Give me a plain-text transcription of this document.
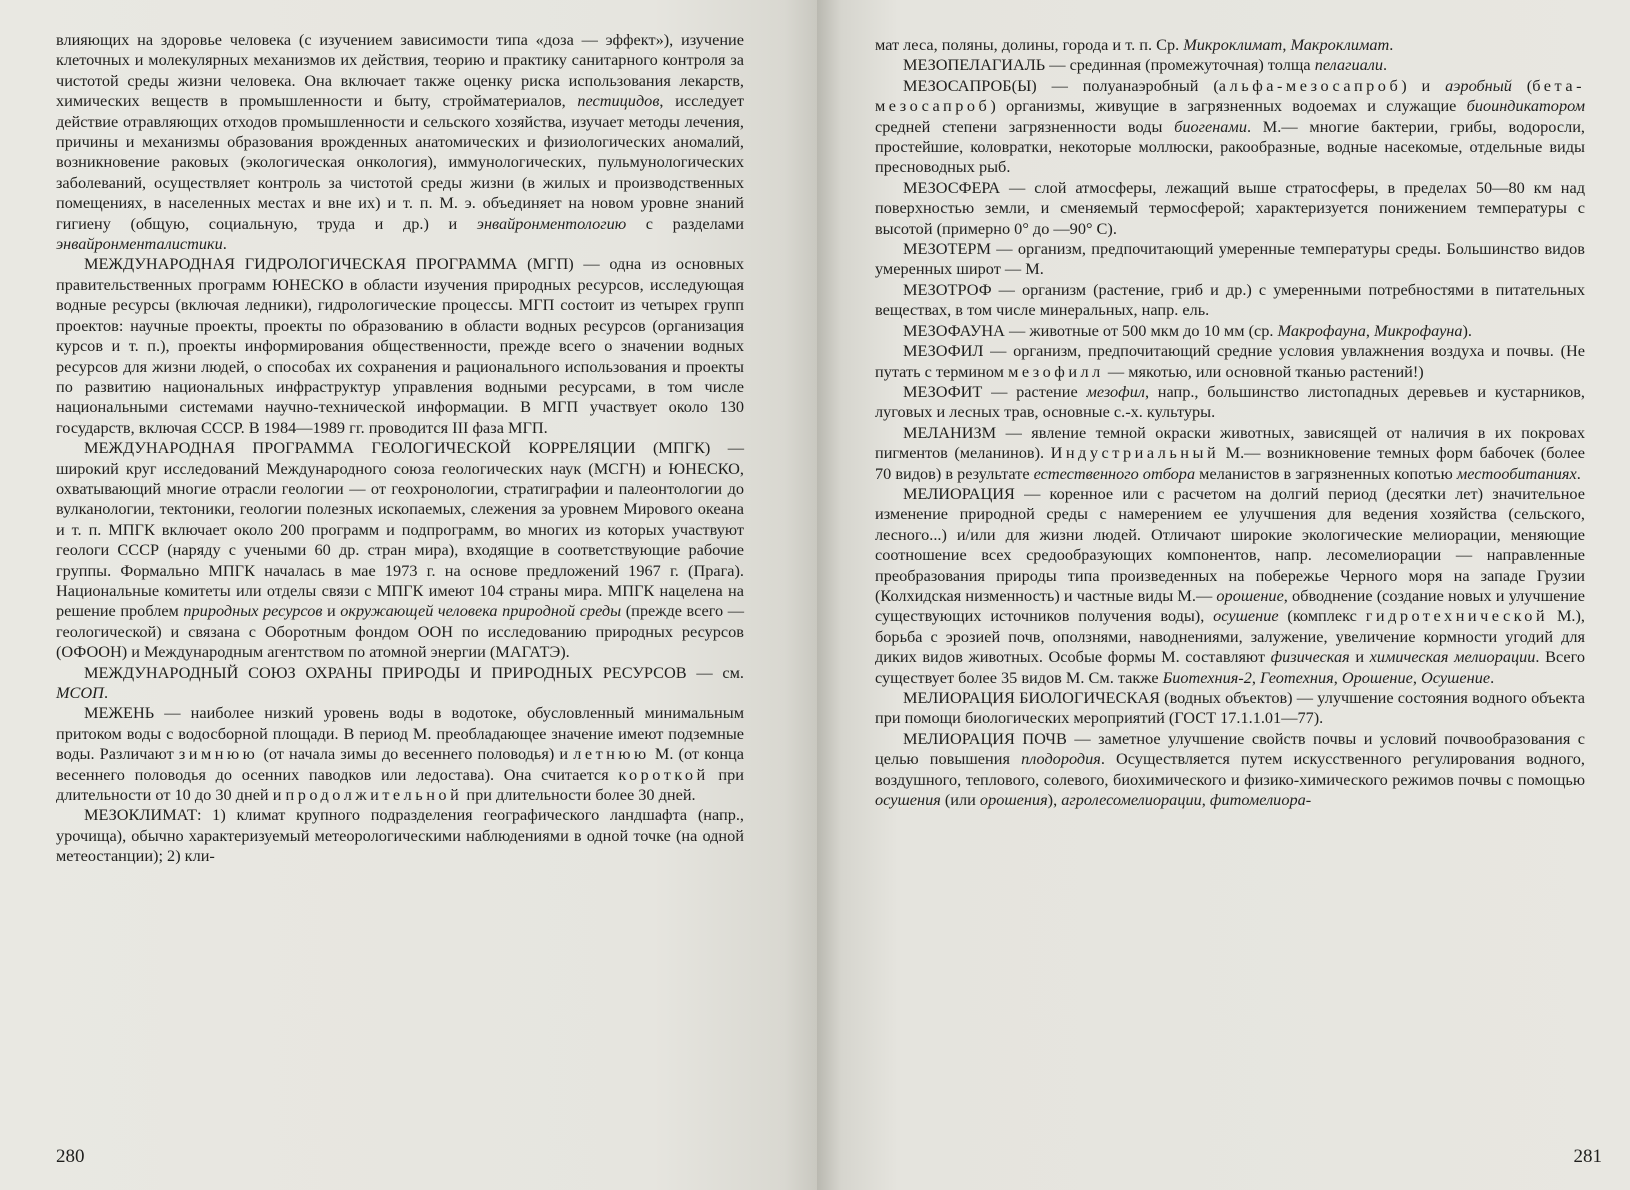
влияющих на здоровье человека (с изучением зависимости типа «доза — эффект»), изучение клеточных и молекулярных механизмов их действия, теорию и практику санитарного контроля за чистотой среды жизни человека. Она включает также оценку риска использования лекарств, химических веществ в промышленности и быту, стройматериалов, пестицидов, исследует действие отравляющих отходов промышленности и сельского хозяйства, изучает методы лечения, причины и механизмы образования врожденных анатомических и физиологических аномалий, возникновение раковых (экологическая онкология), иммунологических, пульмунологических заболеваний, осуществляет контроль за чистотой среды жизни (в жилых и производственных помещениях, в населенных местах и вне их) и т. п. М. э. объединяет на новом уровне знаний гигиену (общую, социальную, труда и др.) и энвайронментологию с разделами энвайронменталистики.

МЕЖДУНАРОДНАЯ ГИДРОЛОГИЧЕСКАЯ ПРОГРАММА (МГП) — одна из основных правительственных программ ЮНЕСКО в области изучения природных ресурсов, исследующая водные ресурсы (включая ледники), гидрологические процессы. МГП состоит из четырех групп проектов: научные проекты, проекты по образованию в области водных ресурсов (организация курсов и т. п.), проекты информирования общественности, прежде всего о значении водных ресурсов для жизни людей, о способах их сохранения и рационального использования и проекты по развитию национальных инфраструктур управления водными ресурсами, в том числе национальными системами научно-технической информации. В МГП участвует около 130 государств, включая СССР. В 1984—1989 гг. проводится III фаза МГП.

МЕЖДУНАРОДНАЯ ПРОГРАММА ГЕОЛОГИЧЕСКОЙ КОРРЕЛЯЦИИ (МПГК) — широкий круг исследований Международного союза геологических наук (МСГН) и ЮНЕСКО, охватывающий многие отрасли геологии — от геохронологии, стратиграфии и палеонтологии до вулканологии, тектоники, геологии полезных ископаемых, слежения за уровнем Мирового океана и т. п. МПГК включает около 200 программ и подпрограмм, во многих из которых участвуют геологи СССР (наряду с учеными 60 др. стран мира), входящие в соответствующие рабочие группы. Формально МПГК началась в мае 1973 г. на основе предложений 1967 г. (Прага). Национальные комитеты или отделы связи с МПГК имеют 104 страны мира. МПГК нацелена на решение проблем природных ресурсов и окружающей человека природной среды (прежде всего — геологической) и связана с Оборотным фондом ООН по исследованию природных ресурсов (ОФООН) и Международным агентством по атомной энергии (МАГАТЭ).

МЕЖДУНАРОДНЫЙ СОЮЗ ОХРАНЫ ПРИРОДЫ И ПРИРОДНЫХ РЕСУРСОВ — см. МСОП.

МЕЖЕНЬ — наиболее низкий уровень воды в водотоке, обусловленный минимальным притоком воды с водосборной площади. В период М. преобладающее значение имеют подземные воды. Различают зимнюю (от начала зимы до весеннего половодья) и летнюю М. (от конца весеннего половодья до осенних паводков или ледостава). Она считается короткой при длительности от 10 до 30 дней и продолжительной при длительности более 30 дней.

МЕЗОКЛИМАТ: 1) климат крупного подразделения географического ландшафта (напр., урочища), обычно характеризуемый метеорологическими наблюдениями в одной точке (на одной метеостанции); 2) кли-

280

мат леса, поляны, долины, города и т. п. Ср. Микроклимат, Макроклимат.

МЕЗОПЕЛАГИАЛЬ — срединная (промежуточная) толща пелагиали.

МЕЗОСАПРОБ(Ы) — полуанаэробный (альфа-мезосапроб) и аэробный (бета-мезосапроб) организмы, живущие в загрязненных водоемах и служащие биоиндикатором средней степени загрязненности воды биогенами. М.— многие бактерии, грибы, водоросли, простейшие, коловратки, некоторые моллюски, ракообразные, водные насекомые, отдельные виды пресноводных рыб.

МЕЗОСФЕРА — слой атмосферы, лежащий выше стратосферы, в пределах 50—80 км над поверхностью земли, и сменяемый термосферой; характеризуется понижением температуры с высотой (примерно 0° до —90° C).

МЕЗОТЕРМ — организм, предпочитающий умеренные температуры среды. Большинство видов умеренных широт — М.

МЕЗОТРОФ — организм (растение, гриб и др.) с умеренными потребностями в питательных веществах, в том числе минеральных, напр. ель.

МЕЗОФАУНА — животные от 500 мкм до 10 мм (ср. Макрофауна, Микрофауна).

МЕЗОФИЛ — организм, предпочитающий средние условия увлажнения воздуха и почвы. (Не путать с термином мезофилл — мякотью, или основной тканью растений!)

МЕЗОФИТ — растение мезофил, напр., большинство листопадных деревьев и кустарников, луговых и лесных трав, основные с.-х. культуры.

МЕЛАНИЗМ — явление темной окраски животных, зависящей от наличия в их покровах пигментов (меланинов). Индустриальный М.— возникновение темных форм бабочек (более 70 видов) в результате естественного отбора меланистов в загрязненных копотью местообитаниях.

МЕЛИОРАЦИЯ — коренное или с расчетом на долгий период (десятки лет) значительное изменение природной среды с намерением ее улучшения для ведения хозяйства (сельского, лесного...) и/или для жизни людей. Отличают широкие экологические мелиорации, меняющие соотношение всех средообразующих компонентов, напр. лесомелиорации — направленные преобразования природы типа произведенных на побережье Черного моря на западе Грузии (Колхидская низменность) и частные виды М.— орошение, обводнение (создание новых и улучшение существующих источников получения воды), осушение (комплекс гидротехнической М.), борьба с эрозией почв, оползнями, наводнениями, залужение, увеличение кормности угодий для диких видов животных. Особые формы М. составляют физическая и химическая мелиорации. Всего существует более 35 видов М. См. также Биотехния-2, Геотехния, Орошение, Осушение.

МЕЛИОРАЦИЯ БИОЛОГИЧЕСКАЯ (водных объектов) — улучшение состояния водного объекта при помощи биологических мероприятий (ГОСТ 17.1.1.01—77).

МЕЛИОРАЦИЯ ПОЧВ — заметное улучшение свойств почвы и условий почвообразования с целью повышения плодородия. Осуществляется путем искусственного регулирования водного, воздушного, теплового, солевого, биохимического и физико-химического режимов почвы с помощью осушения (или орошения), агролесомелиорации, фитомелиора-

281
